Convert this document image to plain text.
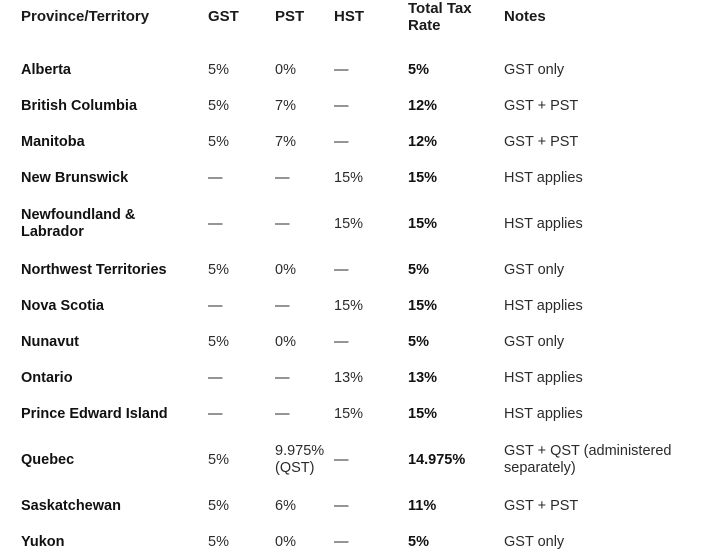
Province/Territory	GST	PST	HST	Total Tax Rate	Notes
Alberta	5%	0%	—	5%	GST only
British Columbia	5%	7%	—	12%	GST + PST
Manitoba	5%	7%	—	12%	GST + PST
New Brunswick	—	—	15%	15%	HST applies
Newfoundland & Labrador	—	—	15%	15%	HST applies
Northwest Territories	5%	0%	—	5%	GST only
Nova Scotia	—	—	15%	15%	HST applies
Nunavut	5%	0%	—	5%	GST only
Ontario	—	—	13%	13%	HST applies
Prince Edward Island	—	—	15%	15%	HST applies
Quebec	5%	9.975% (QST)	—	14.975%	GST + QST (administered separately)
Saskatchewan	5%	6%	—	11%	GST + PST
Yukon	5%	0%	—	5%	GST only
